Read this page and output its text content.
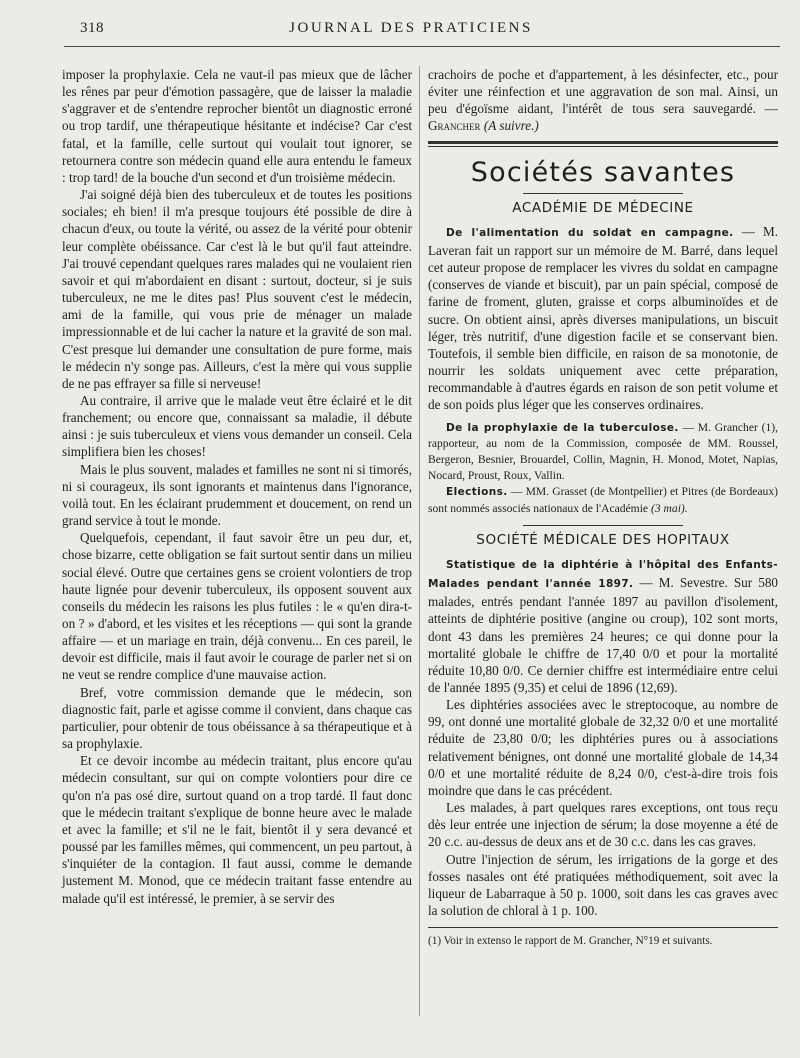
318	JOURNAL DES PRATICIENS

imposer la prophylaxie. Cela ne vaut-il pas mieux que de lâcher les rênes par peur d'émotion passagère, que de laisser la maladie s'aggraver et de s'entendre reprocher bientôt un diagnostic erroné ou trop tardif, une thérapeutique hésitante et indécise? Car c'est fatal, et la famille, celle surtout qui voulait tout ignorer, se retournera contre son médecin quand elle aura entendu le fameux : trop tard! de la bouche d'un second et d'un troisième médecin.

J'ai soigné déjà bien des tuberculeux et de toutes les positions sociales; eh bien! il m'a presque toujours été possible de dire à chacun d'eux, ou toute la vérité, ou assez de la vérité pour obtenir leur complète obéissance. Car c'est là le but qu'il faut atteindre. J'ai trouvé cependant quelques rares malades qui ne voulaient rien savoir et qui m'abordaient en disant : surtout, docteur, si je suis tuberculeux, ne me le dites pas! Plus souvent c'est le médecin, ami de la famille, qui vous prie de ménager un malade impressionnable et de lui cacher la nature et la gravité de son mal. C'est presque lui demander une consultation de pure forme, mais le médecin n'y songe pas. Ailleurs, c'est la mère qui vous supplie de ne pas effrayer sa fille si nerveuse!

Au contraire, il arrive que le malade veut être éclairé et le dit franchement; ou encore que, connaissant sa maladie, il débute ainsi : je suis tuberculeux et viens vous demander un conseil. Cela simplifiera bien les choses!

Mais le plus souvent, malades et familles ne sont ni si timorés, ni si courageux, ils sont ignorants et maintenus dans l'ignorance, voilà tout. En les éclairant prudemment et doucement, on rend un grand service à tout le monde.

Quelquefois, cependant, il faut savoir être un peu dur, et, chose bizarre, cette obligation se fait surtout sentir dans un milieu social élevé. Outre que certaines gens se croient volontiers de trop haute lignée pour devenir tuberculeux, ils opposent souvent aux conseils du médecin les raisons les plus futiles : le « qu'en dira-t-on ? » d'abord, et les visites et les réceptions — qui sont la grande affaire — et un mariage en train, déjà convenu... En ces pareil, le devoir est difficile, mais il faut avoir le courage de parler net si on ne veut se rendre complice d'une mauvaise action.

Bref, votre commission demande que le médecin, son diagnostic fait, parle et agisse comme il convient, dans chaque cas particulier, pour obtenir de tous obéissance à sa thérapeutique et à sa prophylaxie.

Et ce devoir incombe au médecin traitant, plus encore qu'au médecin consultant, sur qui on compte volontiers pour dire ce qu'on n'a pas osé dire, surtout quand on a trop tardé. Il faut donc que le médecin traitant s'explique de bonne heure avec le malade et avec la famille; et s'il ne le fait, bientôt il y sera devancé et poussé par les familles mêmes, qui commencent, un peu partout, à s'inquiéter de la contagion. Il faut aussi, comme le demande justement M. Monod, que ce médecin traitant fasse entendre au malade qu'il est intéressé, le premier, à se servir des

crachoirs de poche et d'appartement, à les désinfecter, etc., pour éviter une réinfection et une aggravation de son mal. Ainsi, un peu d'égoïsme aidant, l'intérêt de tous sera sauvegardé. — Grancher (A suivre.)

Sociétés savantes
ACADÉMIE DE MÉDECINE

De l'alimentation du soldat en campagne. — M. Laveran fait un rapport sur un mémoire de M. Barré, dans lequel cet auteur propose de remplacer les vivres du soldat en campagne (conserves de viande et biscuit), par un pain spécial, composé de farine de froment, gluten, graisse et corps albuminoïdes et de sucre. On obtient ainsi, après diverses manipulations, un biscuit léger, très nutritif, d'une digestion facile et se conservant bien. Toutefois, il semble bien difficile, en raison de sa monotonie, de nourrir les soldats uniquement avec cette préparation, recommandable à d'autres égards en raison de son petit volume et de son poids plus léger que les conserves ordinaires.

De la prophylaxie de la tuberculose. — M. Grancher (1), rapporteur, au nom de la Commission, composée de MM. Roussel, Bergeron, Besnier, Brouardel, Collin, Magnin, H. Monod, Motet, Napias, Nocard, Proust, Roux, Vallin.

Elections. — MM. Grasset (de Montpellier) et Pitres (de Bordeaux) sont nommés associés nationaux de l'Académie (3 mai).

SOCIÉTÉ MÉDICALE DES HOPITAUX

Statistique de la diphtérie à l'hôpital des Enfants-Malades pendant l'année 1897. — M. Sevestre. Sur 580 malades, entrés pendant l'année 1897 au pavillon d'isolement, atteints de diphtérie positive (angine ou croup), 102 sont morts, dont 43 dans les premières 24 heures; ce qui donne pour la mortalité globale le chiffre de 17,40 0/0 et pour la mortalité réduite 10,80 0/0. Ce dernier chiffre est intermédiaire entre celui de l'année 1895 (9,35) et celui de 1896 (12,69).

Les diphtéries associées avec le streptocoque, au nombre de 99, ont donné une mortalité globale de 32,32 0/0 et une mortalité réduite de 23,80 0/0; les diphtéries pures ou à associations relativement bénignes, ont donné une mortalité globale de 14,34 0/0 et une mortalité réduite de 8,24 0/0, c'est-à-dire trois fois moindre que dans le cas précédent.

Les malades, à part quelques rares exceptions, ont tous reçu dès leur entrée une injection de sérum; la dose moyenne a été de 20 c.c. au-dessus de deux ans et de 30 c.c. dans les cas graves.

Outre l'injection de sérum, les irrigations de la gorge et des fosses nasales ont été pratiquées méthodiquement, soit avec la liqueur de Labarraque à 50 p. 1000, soit dans les cas graves avec la solution de chloral à 1 p. 100.

(1) Voir in extenso le rapport de M. Grancher, N°19 et suivants.
